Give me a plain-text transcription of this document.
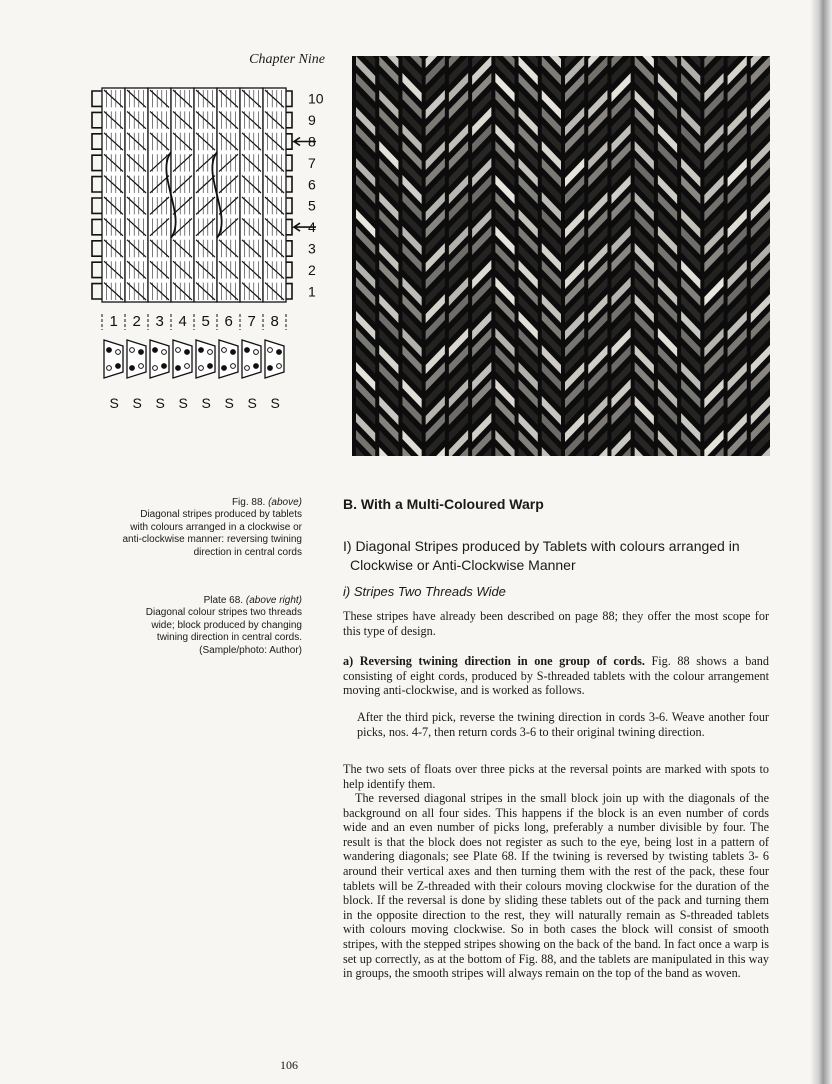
Chapter Nine
10
9
8
7
6
5
4
3
2
1
1 2 3 4 5 6 7 8
S S S S S S S S
Fig. 88. (above)
Diagonal stripes produced by tablets
with colours arranged in a clockwise or
anti-clockwise manner: reversing twining
direction in central cords
Plate 68. (above right)
Diagonal colour stripes two threads
wide; block produced by changing
twining direction in central cords.
(Sample/photo: Author)
B. With a Multi-Coloured Warp
I) Diagonal Stripes produced by Tablets with colours arranged in Clockwise or Anti-Clockwise Manner
i) Stripes Two Threads Wide
These stripes have already been described on page 88; they offer the most scope for this type of design.
a) Reversing twining direction in one group of cords. Fig. 88 shows a band consisting of eight cords, produced by S-threaded tablets with the colour arrangement moving anti-clockwise, and is worked as follows.
After the third pick, reverse the twining direction in cords 3-6. Weave another four picks, nos. 4-7, then return cords 3-6 to their original twining direction.
The two sets of floats over three picks at the reversal points are marked with spots to help identify them.
The reversed diagonal stripes in the small block join up with the diagonals of the background on all four sides. This happens if the block is an even number of cords wide and an even number of picks long, preferably a number divisible by four. The result is that the block does not register as such to the eye, being lost in a pattern of wandering diagonals; see Plate 68. If the twining is reversed by twisting tablets 3- 6 around their vertical axes and then turning them with the rest of the pack, these four tablets will be Z-threaded with their colours moving clockwise for the duration of the block. If the reversal is done by sliding these tablets out of the pack and turning them in the opposite direction to the rest, they will naturally remain as S-threaded tablets with colours moving clockwise. So in both cases the block will consist of smooth stripes, with the stepped stripes showing on the back of the band. In fact once a warp is set up correctly, as at the bottom of Fig. 88, and the tablets are manipulated in this way in groups, the smooth stripes will always remain on the top of the band as woven.
106
